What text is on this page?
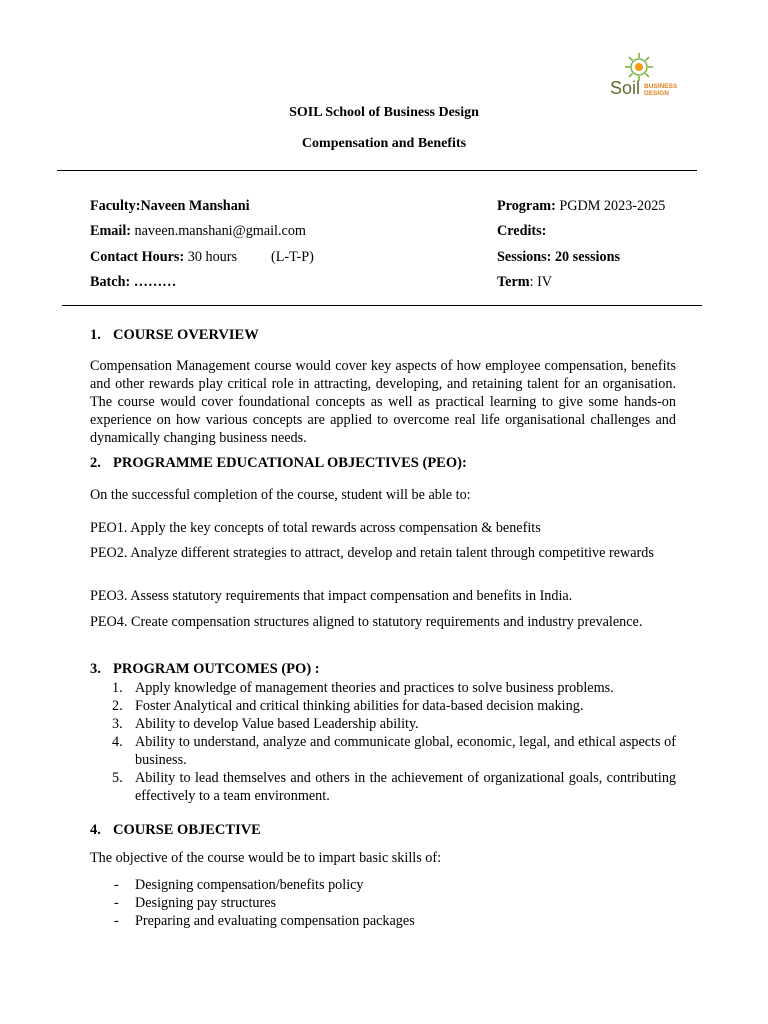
Soil BUSINESS
DESIGN
SOIL School of Business Design
Compensation and Benefits
Faculty:Naveen Manshani
Email: naveen.manshani@gmail.com
Contact Hours: 30 hours (L-T-P)
Batch: ………
Program: PGDM 2023-2025
Credits:
Sessions: 20 sessions
Term: IV
1. COURSE OVERVIEW
Compensation Management course would cover key aspects of how employee compensation, benefits and other rewards play critical role in attracting, developing, and retaining talent for an organisation. The course would cover foundational concepts as well as practical learning to give some hands-on experience on how various concepts are applied to overcome real life organisational challenges and dynamically changing business needs.
2. PROGRAMME EDUCATIONAL OBJECTIVES (PEO):
On the successful completion of the course, student will be able to:
PEO1. Apply the key concepts of total rewards across compensation & benefits
PEO2. Analyze different strategies to attract, develop and retain talent through competitive rewards
PEO3. Assess statutory requirements that impact compensation and benefits in India.
PEO4. Create compensation structures aligned to statutory requirements and industry prevalence.
3. PROGRAM OUTCOMES (PO) :
1. Apply knowledge of management theories and practices to solve business problems.
2. Foster Analytical and critical thinking abilities for data-based decision making.
3. Ability to develop Value based Leadership ability.
4. Ability to understand, analyze and communicate global, economic, legal, and ethical aspects of business.
5. Ability to lead themselves and others in the achievement of organizational goals, contributing effectively to a team environment.
4. COURSE OBJECTIVE
The objective of the course would be to impart basic skills of:
- Designing compensation/benefits policy
- Designing pay structures
- Preparing and evaluating compensation packages
